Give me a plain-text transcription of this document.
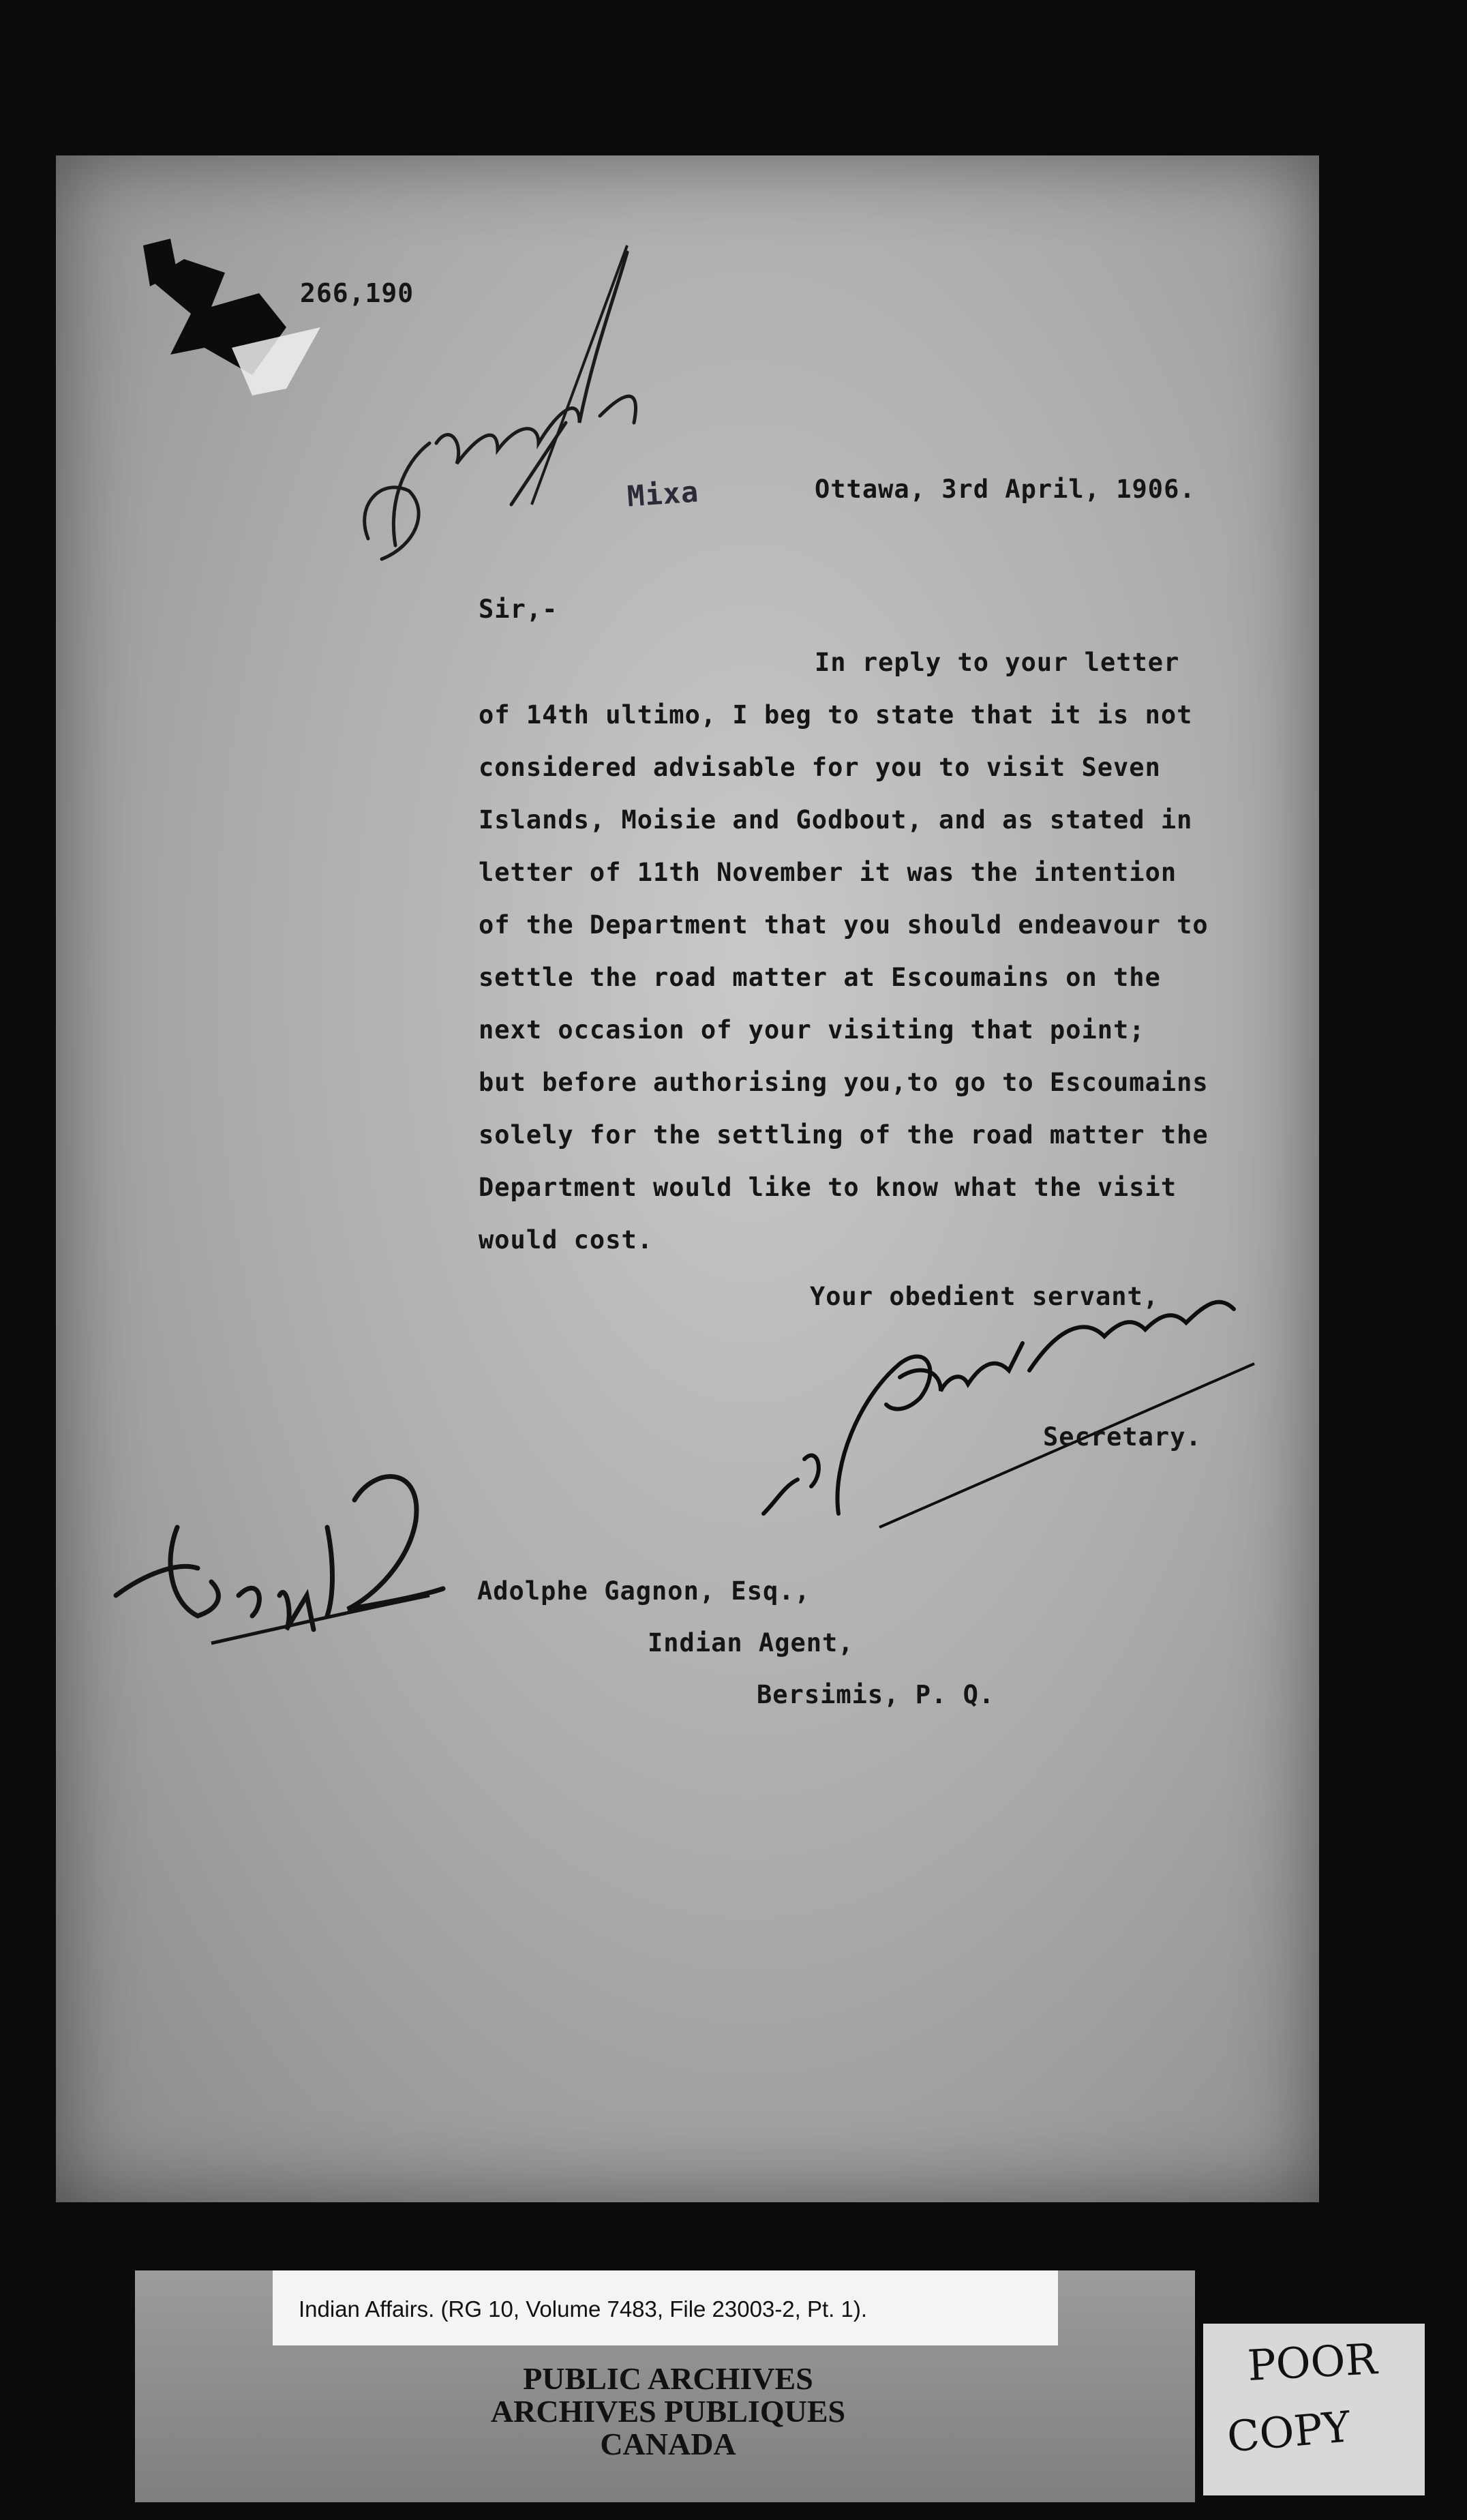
266,190
Mixa	Ottawa, 3rd April, 1906.
Sir,-
In reply to your letter
of 14th ultimo, I beg to state that it is not
considered advisable for you to visit Seven
Islands, Moisie and Godbout, and as stated in
letter of 11th November it was the intention
of the Department that you should endeavour to
settle the road matter at Escoumains on the
next occasion of your visiting that point;
but before authorising you,to go to Escoumains
solely for the settling of the road matter the
Department would like to know what the visit
would cost.
Your obedient servant,
Secretary.
Adolphe Gagnon, Esq.,
Indian Agent,
Bersimis, P. Q.
Indian Affairs. (RG 10, Volume 7483, File 23003-2, Pt. 1).
PUBLIC ARCHIVES
ARCHIVES PUBLIQUES
CANADA
POOR
COPY
